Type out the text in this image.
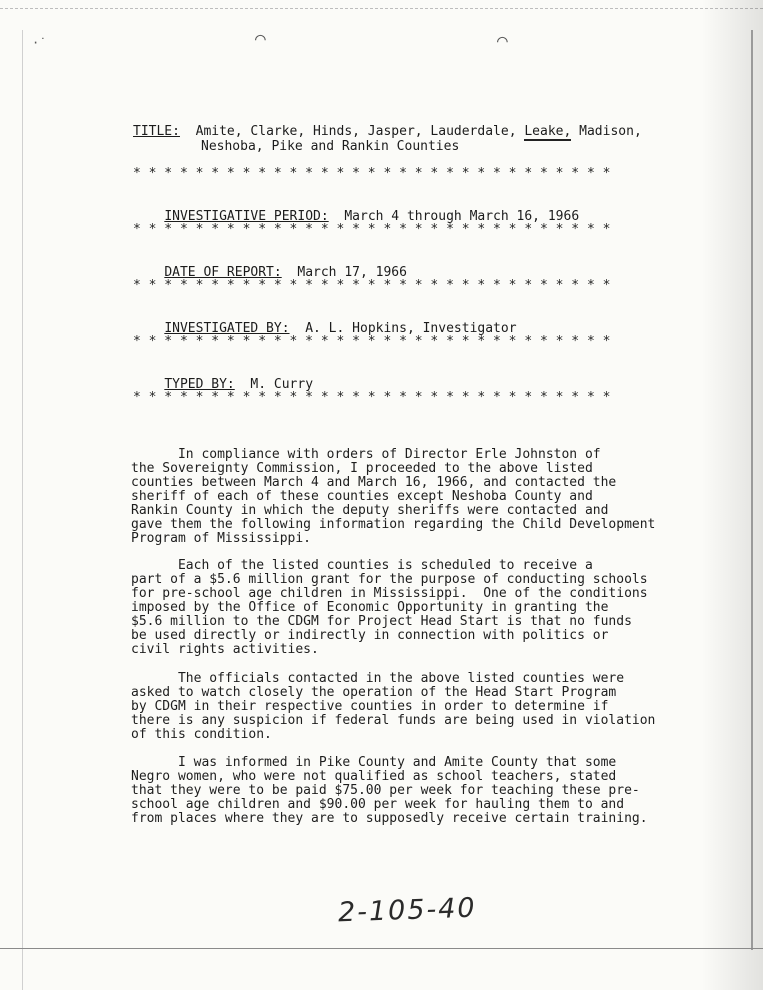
⌒	⌒
·˙
TITLE: Amite, Clarke, Hinds, Jasper, Lauderdale, Leake, Madison,
Neshoba, Pike and Rankin Counties
* * * * * * * * * * * * * * * * * * * * * * * * * * * * * * *

INVESTIGATIVE PERIOD: March 4 through March 16, 1966

* * * * * * * * * * * * * * * * * * * * * * * * * * * * * * *

DATE OF REPORT: March 17, 1966

* * * * * * * * * * * * * * * * * * * * * * * * * * * * * * *

INVESTIGATED BY: A. L. Hopkins, Investigator

* * * * * * * * * * * * * * * * * * * * * * * * * * * * * * *

TYPED BY: M. Curry

* * * * * * * * * * * * * * * * * * * * * * * * * * * * * * *

In compliance with orders of Director Erle Johnston of

the Sovereignty Commission, I proceeded to the above listed

counties between March 4 and March 16, 1966, and contacted the

sheriff of each of these counties except Neshoba County and

Rankin County in which the deputy sheriffs were contacted and

gave them the following information regarding the Child Development

Program of Mississippi.

Each of the listed counties is scheduled to receive a

part of a $5.6 million grant for the purpose of conducting schools

for pre-school age children in Mississippi.  One of the conditions

imposed by the Office of Economic Opportunity in granting the

$5.6 million to the CDGM for Project Head Start is that no funds

be used directly or indirectly in connection with politics or

civil rights activities.

The officials contacted in the above listed counties were

asked to watch closely the operation of the Head Start Program

by CDGM in their respective counties in order to determine if

there is any suspicion if federal funds are being used in violation

of this condition.

I was informed in Pike County and Amite County that some

Negro women, who were not qualified as school teachers, stated

that they were to be paid $75.00 per week for teaching these pre-

school age children and $90.00 per week for hauling them to and

from places where they are to supposedly receive certain training.

2-105-40
